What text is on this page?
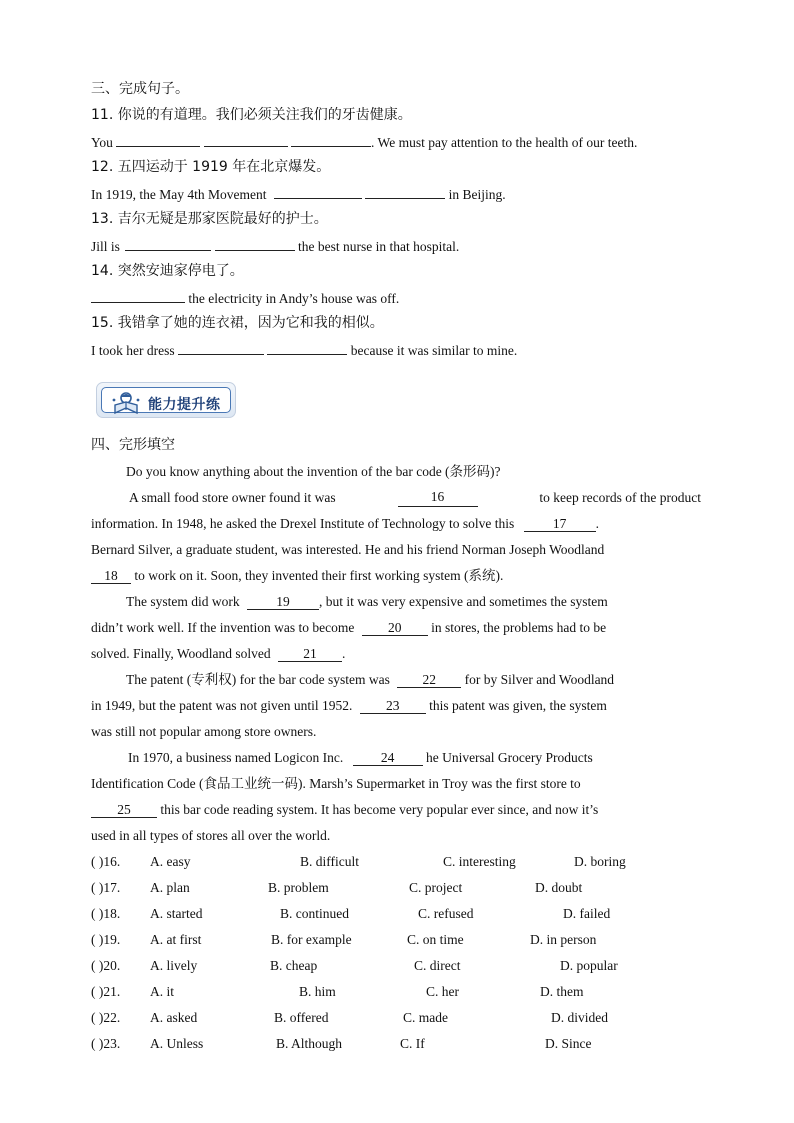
三、完成句子。
11. 你说的有道理。我们必须关注我们的牙齿健康。
You	. We must pay attention to the health of our teeth.
12. 五四运动于 1919 年在北京爆发。
In 1919, the May 4th Movement	in Beijing.
13. 吉尔无疑是那家医院最好的护士。
Jill is	the best nurse in that hospital.
14. 突然安迪家停电了。
the electricity in Andy’s house was off.
15. 我错拿了她的连衣裙，因为它和我的相似。
I took her dress	because it was similar to mine.
能力提升练
四、完形填空
Do you know anything about the invention of the bar code (条形码)?
A small food store owner found it was	16	to keep records of the product
information. In 1948, he asked the Drexel Institute of Technology to solve this	17 .
Bernard Silver, a graduate student, was interested. He and his friend Norman Joseph Woodland
18 to work on it. Soon, they invented their first working system (系统).
The system did work	19 , but it was very expensive and sometimes the system
didn’t work well. If the invention was to become 20 in stores, the problems had to be
solved. Finally, Woodland solved 21 .
The patent (专利权) for the bar code system was 22 for by Silver and Woodland
in 1949, but the patent was not given until 1952. 23 this patent was given, the system
was still not popular among store owners.
In 1970, a business named Logicon Inc.	24 he Universal Grocery Products
Identification Code (食品工业统一码). Marsh’s Supermarket in Troy was the first store to
25 this bar code reading system. It has become very popular ever since, and now it’s
used in all types of stores all over the world.
( )16. A. easy	B. difficult	C. interesting	D. boring
( )17. A. plan	B. problem	C. project	D. doubt
( )18. A. started	B. continued	C. refused	D. failed
( )19. A. at first	B. for example	C. on time	D. in person
( )20. A. lively	B. cheap	C. direct	D. popular
( )21. A. it	B. him	C. her	D. them
( )22. A. asked	B. offered	C. made	D. divided
( )23. A. Unless	B. Although	C. If	D. Since
